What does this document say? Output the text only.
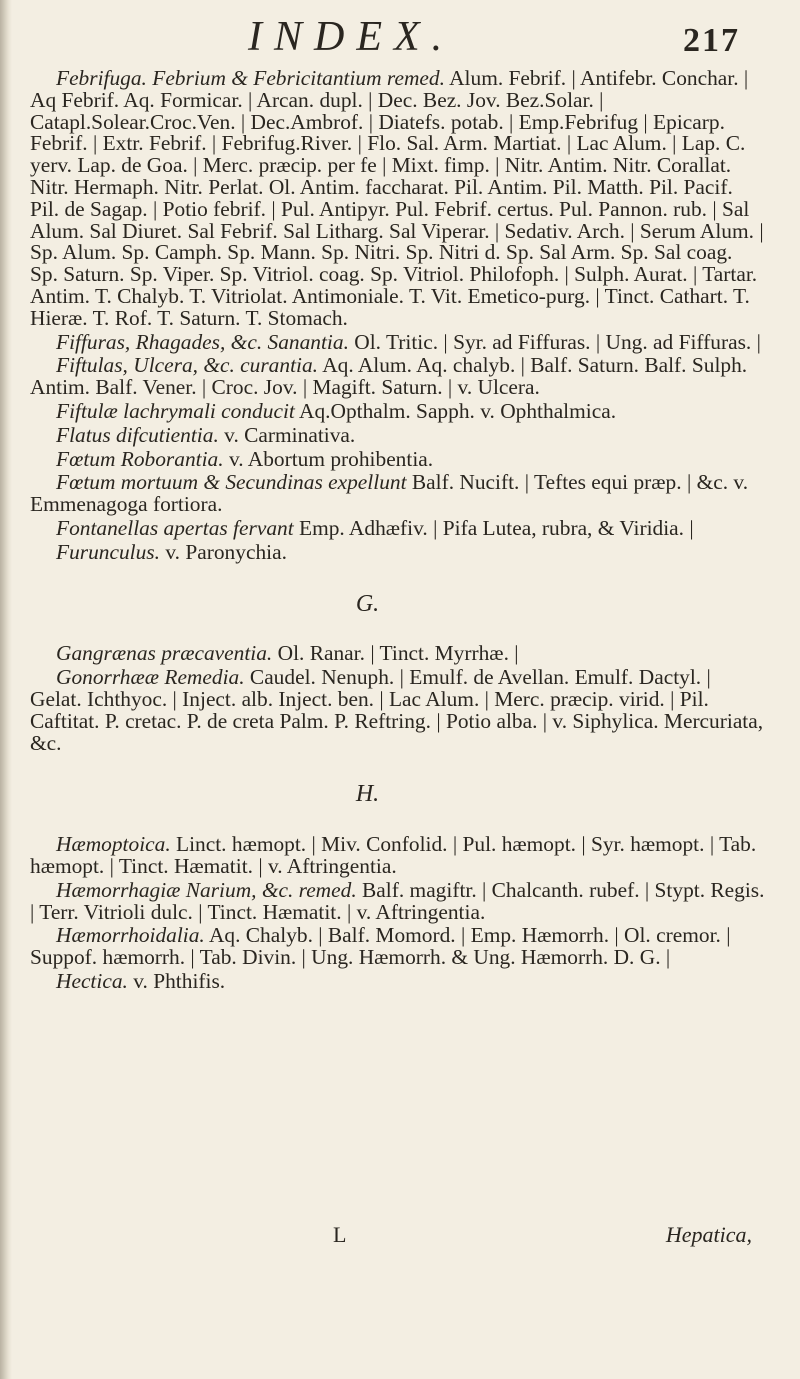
INDEX.	217
Febrifuga. Febrium & Febricitantium remed. Alum. Febrif. | Antifebr. Conchar. | Aq Febrif. Aq. Formicar. | Arcan. dupl. | Dec. Bez. Jov. Bez.Solar. | Catapl.Solear.Croc.Ven. | Dec.Ambrof. | Diatefs. potab. | Emp.Febrifug | Epicarp. Febrif. | Extr. Febrif. | Febrifug.River. | Flo. Sal. Arm. Martiat. | Lac Alum. | Lap. C. yerv. Lap. de Goa. | Merc. præcip. per fe | Mixt. fimp. | Nitr. Antim. Nitr. Corallat. Nitr. Hermaph. Nitr. Perlat. Ol. Antim. faccharat. Pil. Antim. Pil. Matth. Pil. Pacif. Pil. de Sagap. | Potio febrif. | Pul. Antipyr. Pul. Febrif. certus. Pul. Pannon. rub. | Sal Alum. Sal Diuret. Sal Febrif. Sal Litharg. Sal Viperar. | Sedativ. Arch. | Serum Alum. | Sp. Alum. Sp. Camph. Sp. Mann. Sp. Nitri. Sp. Nitri d. Sp. Sal Arm. Sp. Sal coag. Sp. Saturn. Sp. Viper. Sp. Vitriol. coag. Sp. Vitriol. Philofoph. | Sulph. Aurat. | Tartar. Antim. T. Chalyb. T. Vitriolat. Antimoniale. T. Vit. Emetico-purg. | Tinct. Cathart. T. Hieræ. T. Rof. T. Saturn. T. Stomach.
Fiffuras, Rhagades, &c. Sanantia. Ol. Tritic. | Syr. ad Fiffuras. | Ung. ad Fiffuras. |
Fiftulas, Ulcera, &c. curantia. Aq. Alum. Aq. chalyb. | Balf. Saturn. Balf. Sulph. Antim. Balf. Vener. | Croc. Jov. | Magift. Saturn. | v. Ulcera.
Fiftulæ lachrymali conducit Aq.Opthalm. Sapph. v. Ophthalmica.
Flatus difcutientia. v. Carminativa.
Fœtum Roborantia. v. Abortum prohibentia.
Fœtum mortuum & Secundinas expellunt Balf. Nucift. | Teftes equi præp. | &c. v. Emmenagoga fortiora.
Fontanellas apertas fervant Emp. Adhæfiv. | Pifa Lutea, rubra, & Viridia. |
Furunculus. v. Paronychia.
G.
Gangrænas præcaventia. Ol. Ranar. | Tinct. Myrrhæ. |
Gonorrhææ Remedia. Caudel. Nenuph. | Emulf. de Avellan. Emulf. Dactyl. | Gelat. Ichthyoc. | Inject. alb. Inject. ben. | Lac Alum. | Merc. præcip. virid. | Pil. Caftitat. P. cretac. P. de creta Palm. P. Reftring. | Potio alba. | v. Siphylica. Mercuriata, &c.
H.
Hæmoptoica. Linct. hæmopt. | Miv. Confolid. | Pul. hæmopt. | Syr. hæmopt. | Tab. hæmopt. | Tinct. Hæmatit. | v. Aftringentia.
Hæmorrhagiæ Narium, &c. remed. Balf. magiftr. | Chalcanth. rubef. | Stypt. Regis. | Terr. Vitrioli dulc. | Tinct. Hæmatit. | v. Aftringentia.
Hæmorrhoidalia. Aq. Chalyb. | Balf. Momord. | Emp. Hæmorrh. | Ol. cremor. | Suppof. hæmorrh. | Tab. Divin. | Ung. Hæmorrh. & Ung. Hæmorrh. D. G. |
Hectica. v. Phthifis.
L	Hepatica,
